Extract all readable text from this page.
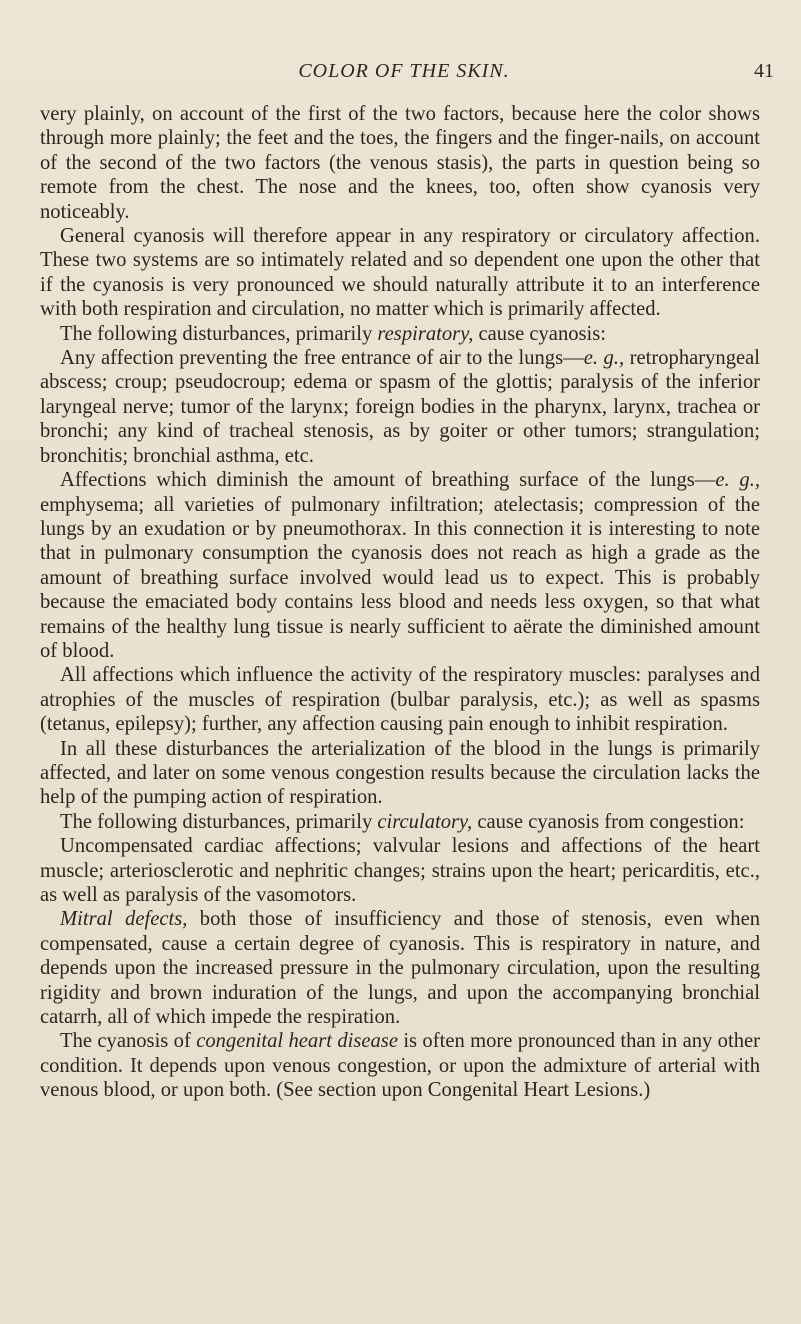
COLOR OF THE SKIN.	41

very plainly, on account of the first of the two factors, because here the color shows through more plainly; the feet and the toes, the fingers and the finger-nails, on account of the second of the two factors (the venous stasis), the parts in question being so remote from the chest. The nose and the knees, too, often show cyanosis very noticeably.

General cyanosis will therefore appear in any respiratory or circulatory affection. These two systems are so intimately related and so dependent one upon the other that if the cyanosis is very pronounced we should naturally attribute it to an interference with both respiration and circulation, no matter which is primarily affected.

The following disturbances, primarily respiratory, cause cyanosis:

Any affection preventing the free entrance of air to the lungs—e. g., retropharyngeal abscess; croup; pseudocroup; edema or spasm of the glottis; paralysis of the inferior laryngeal nerve; tumor of the larynx; foreign bodies in the pharynx, larynx, trachea or bronchi; any kind of tracheal stenosis, as by goiter or other tumors; strangulation; bronchitis; bronchial asthma, etc.

Affections which diminish the amount of breathing surface of the lungs—e. g., emphysema; all varieties of pulmonary infiltration; atelectasis; compression of the lungs by an exudation or by pneumothorax. In this connection it is interesting to note that in pulmonary consumption the cyanosis does not reach as high a grade as the amount of breathing surface involved would lead us to expect. This is probably because the emaciated body contains less blood and needs less oxygen, so that what remains of the healthy lung tissue is nearly sufficient to aërate the diminished amount of blood.

All affections which influence the activity of the respiratory muscles: paralyses and atrophies of the muscles of respiration (bulbar paralysis, etc.); as well as spasms (tetanus, epilepsy); further, any affection causing pain enough to inhibit respiration.

In all these disturbances the arterialization of the blood in the lungs is primarily affected, and later on some venous congestion results because the circulation lacks the help of the pumping action of respiration.

The following disturbances, primarily circulatory, cause cyanosis from congestion:

Uncompensated cardiac affections; valvular lesions and affections of the heart muscle; arteriosclerotic and nephritic changes; strains upon the heart; pericarditis, etc., as well as paralysis of the vasomotors.

Mitral defects, both those of insufficiency and those of stenosis, even when compensated, cause a certain degree of cyanosis. This is respiratory in nature, and depends upon the increased pressure in the pulmonary circulation, upon the resulting rigidity and brown induration of the lungs, and upon the accompanying bronchial catarrh, all of which impede the respiration.

The cyanosis of congenital heart disease is often more pronounced than in any other condition. It depends upon venous congestion, or upon the admixture of arterial with venous blood, or upon both. (See section upon Congenital Heart Lesions.)
